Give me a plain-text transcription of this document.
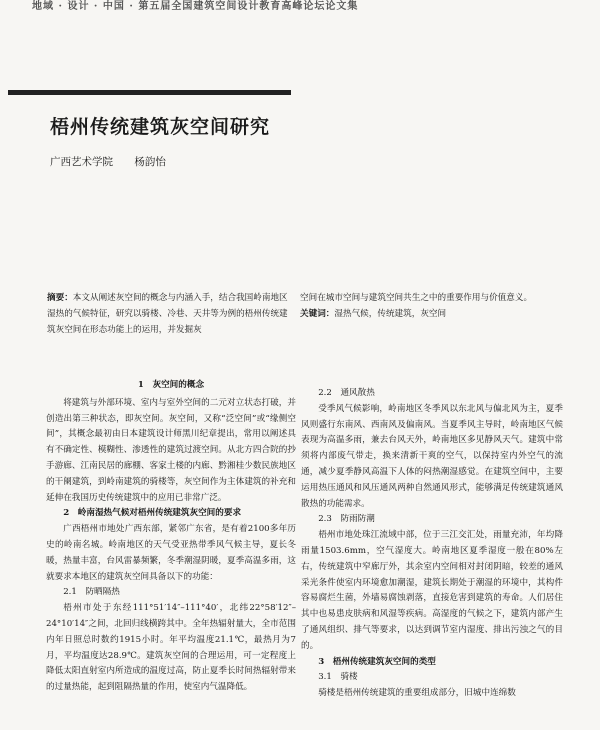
地域 · 设计 · 中国 · 第五届全国建筑空间设计教育高峰论坛论文集
梧州传统建筑灰空间研究
广西艺术学院 杨韵怡
摘要：本文从阐述灰空间的概念与内涵入手，结合我国岭南地区湿热的气候特征，研究以骑楼、冷巷、天井等为例的梧州传统建筑灰空间在形态功能上的运用，并发掘灰
空间在城市空间与建筑空间共生之中的重要作用与价值意义。
关键词：湿热气候，传统建筑，灰空间
1　灰空间的概念

将建筑与外部环境、室内与室外空间的二元对立状态打破，并创造出第三种状态，即灰空间。灰空间，又称“泛空间”或“缘侧空间”，其概念最初由日本建筑设计师黑川纪章提出，常用以阐述具有不确定性、模糊性、渗透性的建筑过渡空间。从北方四合院的抄手游廊、江南民居的廊棚、客家土楼的内廊、黔湘桂少数民族地区的干阑建筑，到岭南建筑的骑楼等，灰空间作为主体建筑的补充和延伸在我国历史传统建筑中的应用已非常广泛。

2　岭南湿热气候对梧州传统建筑灰空间的要求

广西梧州市地处广西东部，紧邻广东省，是有着2100多年历史的岭南名城。岭南地区的天气受亚热带季风气候主导，夏长冬暖，热量丰富，台风雷暴频繁，冬季潮湿阴暖，夏季高温多雨，这就要求本地区的建筑灰空间具备以下的功能：

2.1　防晒隔热

梧州市处于东经111°51′14″–111°40′，北纬22°58′12″–24°10′14″之间，北回归线横跨其中。全年热辐射量大，全市范围内年日照总时数约1915小时。年平均温度21.1℃，最热月为7月，平均温度达28.9℃。建筑灰空间的合理运用，可一定程度上降低太阳直射室内所造成的温度过高，防止夏季长时间热辐射带来的过量热能，起到阻隔热量的作用，使室内气温降低。

2.2　通风散热

受季风气候影响，岭南地区冬季风以东北风与偏北风为主，夏季风则盛行东南风、西南风及偏南风。当夏季风主导时，岭南地区气候表现为高温多雨，兼去台风天外，岭南地区多见静风天气。建筑中常须将内部废气带走，换来清新干爽的空气，以保持室内外空气的流通，减少夏季静风高温下人体的闷热潮湿感觉。在建筑空间中，主要运用热压通风和风压通风两种自然通风形式，能够满足传统建筑通风散热的功能需求。

2.3　防雨防潮

梧州市地处珠江流域中部，位于三江交汇处，雨量充沛，年均降雨量1503.6mm，空气湿度大。岭南地区夏季湿度一般在80%左右，传统建筑中窄廊厅外，其余室内空间相对封闭阴暗，较差的通风采光条件使室内环境愈加潮湿，建筑长期处于潮湿的环境中，其构件容易腐烂生菌，外墙易腐蚀剥落，直接危害到建筑的寿命。人们居住其中也易患皮肤病和风湿等疾病。高湿度的气候之下，建筑内部产生了通风组织、排气等要求，以达到调节室内湿度、排出污浊之气的目的。

3　梧州传统建筑灰空间的类型
3.1　骑楼

骑楼是梧州传统建筑的重要组成部分，旧城中连绵数
